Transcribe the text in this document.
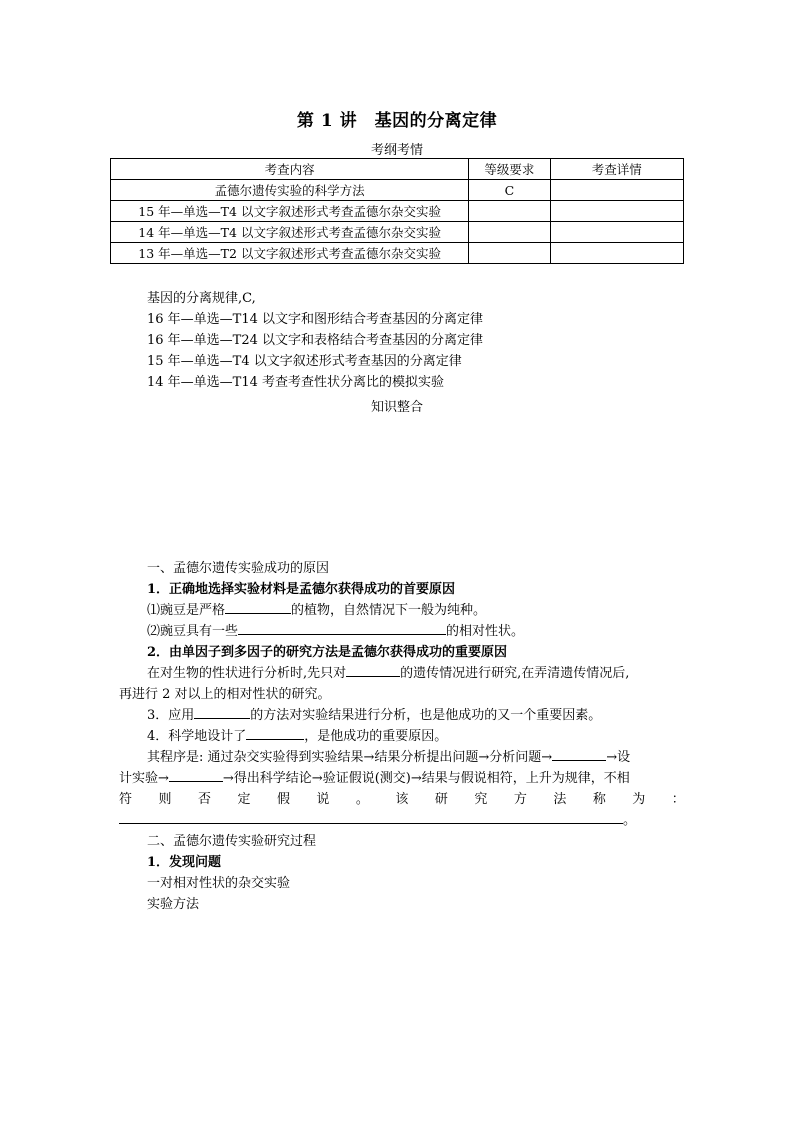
第 1 讲　基因的分离定律
考纲考情
考查内容	等级要求	考查详情
孟德尔遗传实验的科学方法	C	
15 年—单选—T4 以文字叙述形式考查孟德尔杂交实验		
14 年—单选—T4 以文字叙述形式考查孟德尔杂交实验		
13 年—单选—T2 以文字叙述形式考查孟德尔杂交实验		
基因的分离规律,C,
16 年—单选—T14 以文字和图形结合考查基因的分离定律
16 年—单选—T24 以文字和表格结合考查基因的分离定律
15 年—单选—T4 以文字叙述形式考查基因的分离定律
14 年—单选—T14 考查考查性状分离比的模拟实验
知识整合
一、孟德尔遗传实验成功的原因
1．正确地选择实验材料是孟德尔获得成功的首要原因
⑴豌豆是严格	的植物，自然情况下一般为纯种。
⑵豌豆具有一些	的相对性状。
2．由单因子到多因子的研究方法是孟德尔获得成功的重要原因
在对生物的性状进行分析时,先只对	的遗传情况进行研究,在弄清遗传情况后,
再进行 2 对以上的相对性状的研究。
3．应用	的方法对实验结果进行分析，也是他成功的又一个重要因素。
4．科学地设计了	，是他成功的重要原因。
其程序是: 通过杂交实验得到实验结果→结果分析提出问题→分析问题→	→设
计实验→	→得出科学结论→验证假说(测交)→结果与假说相符，上升为规律，不相
符 则 否 定 假 说 。 该 研 究 方 法 称 为 ：
。
二、孟德尔遗传实验研究过程
1．发现问题
一对相对性状的杂交实验
实验方法
